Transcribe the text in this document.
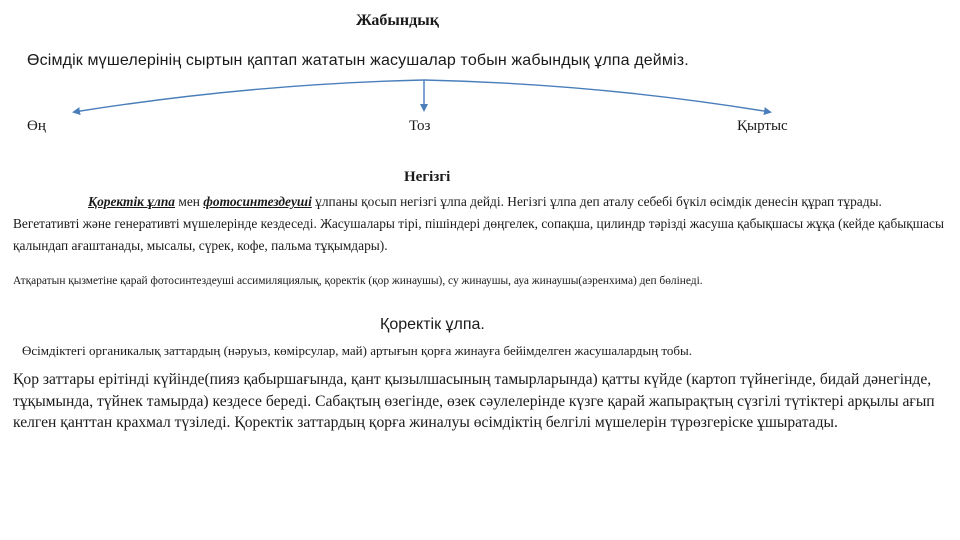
Жабындық
Өсімдік мүшелерінің сыртын қаптап жататын жасушалар тобын жабындық ұлпа дейміз.
Өң	Тоз	Қыртыс
Негізгі
Қоректік ұлпа мен фотосинтездеуші ұлпаны қосып негізгі ұлпа дейді. Негізгі ұлпа деп аталу себебі бүкіл өсімдік денесін құрап тұрады. Вегетативті және генеративті мүшелерінде кездеседі. Жасушалары тірі, пішіндері дөңгелек, сопақша, цилиндр тәрізді жасуша қабықшасы жұқа (кейде қабықшасы қалындап ағаштанады, мысалы, сүрек, кофе, пальма тұқымдары).
Атқаратын қызметіне қарай фотосинтездеуші ассимиляциялық, қоректік (қор жинаушы), су жинаушы, ауа жинаушы(аэренхима) деп бөлінеді.
Қоректік ұлпа.
Өсімдіктегі органикалық заттардың (нәруыз, көмірсулар, май) артығын қорға жинауға бейімделген жасушалардың тобы.
Қор заттары ерітінді күйінде(пияз қабыршағында, қант қызылшасының тамырларында) қатты күйде (картоп түйнегінде, бидай дәнегінде, тұқымында, түйнек тамырда) кездесе береді. Сабақтың өзегінде, өзек сәулелерінде күзге қарай жапырақтың сүзгілі түтіктері арқылы ағып келген қанттан крахмал түзіледі. Қоректік заттардың қорға жиналуы өсімдіктің белгілі мүшелерін түрөзгеріске ұшыратады.
